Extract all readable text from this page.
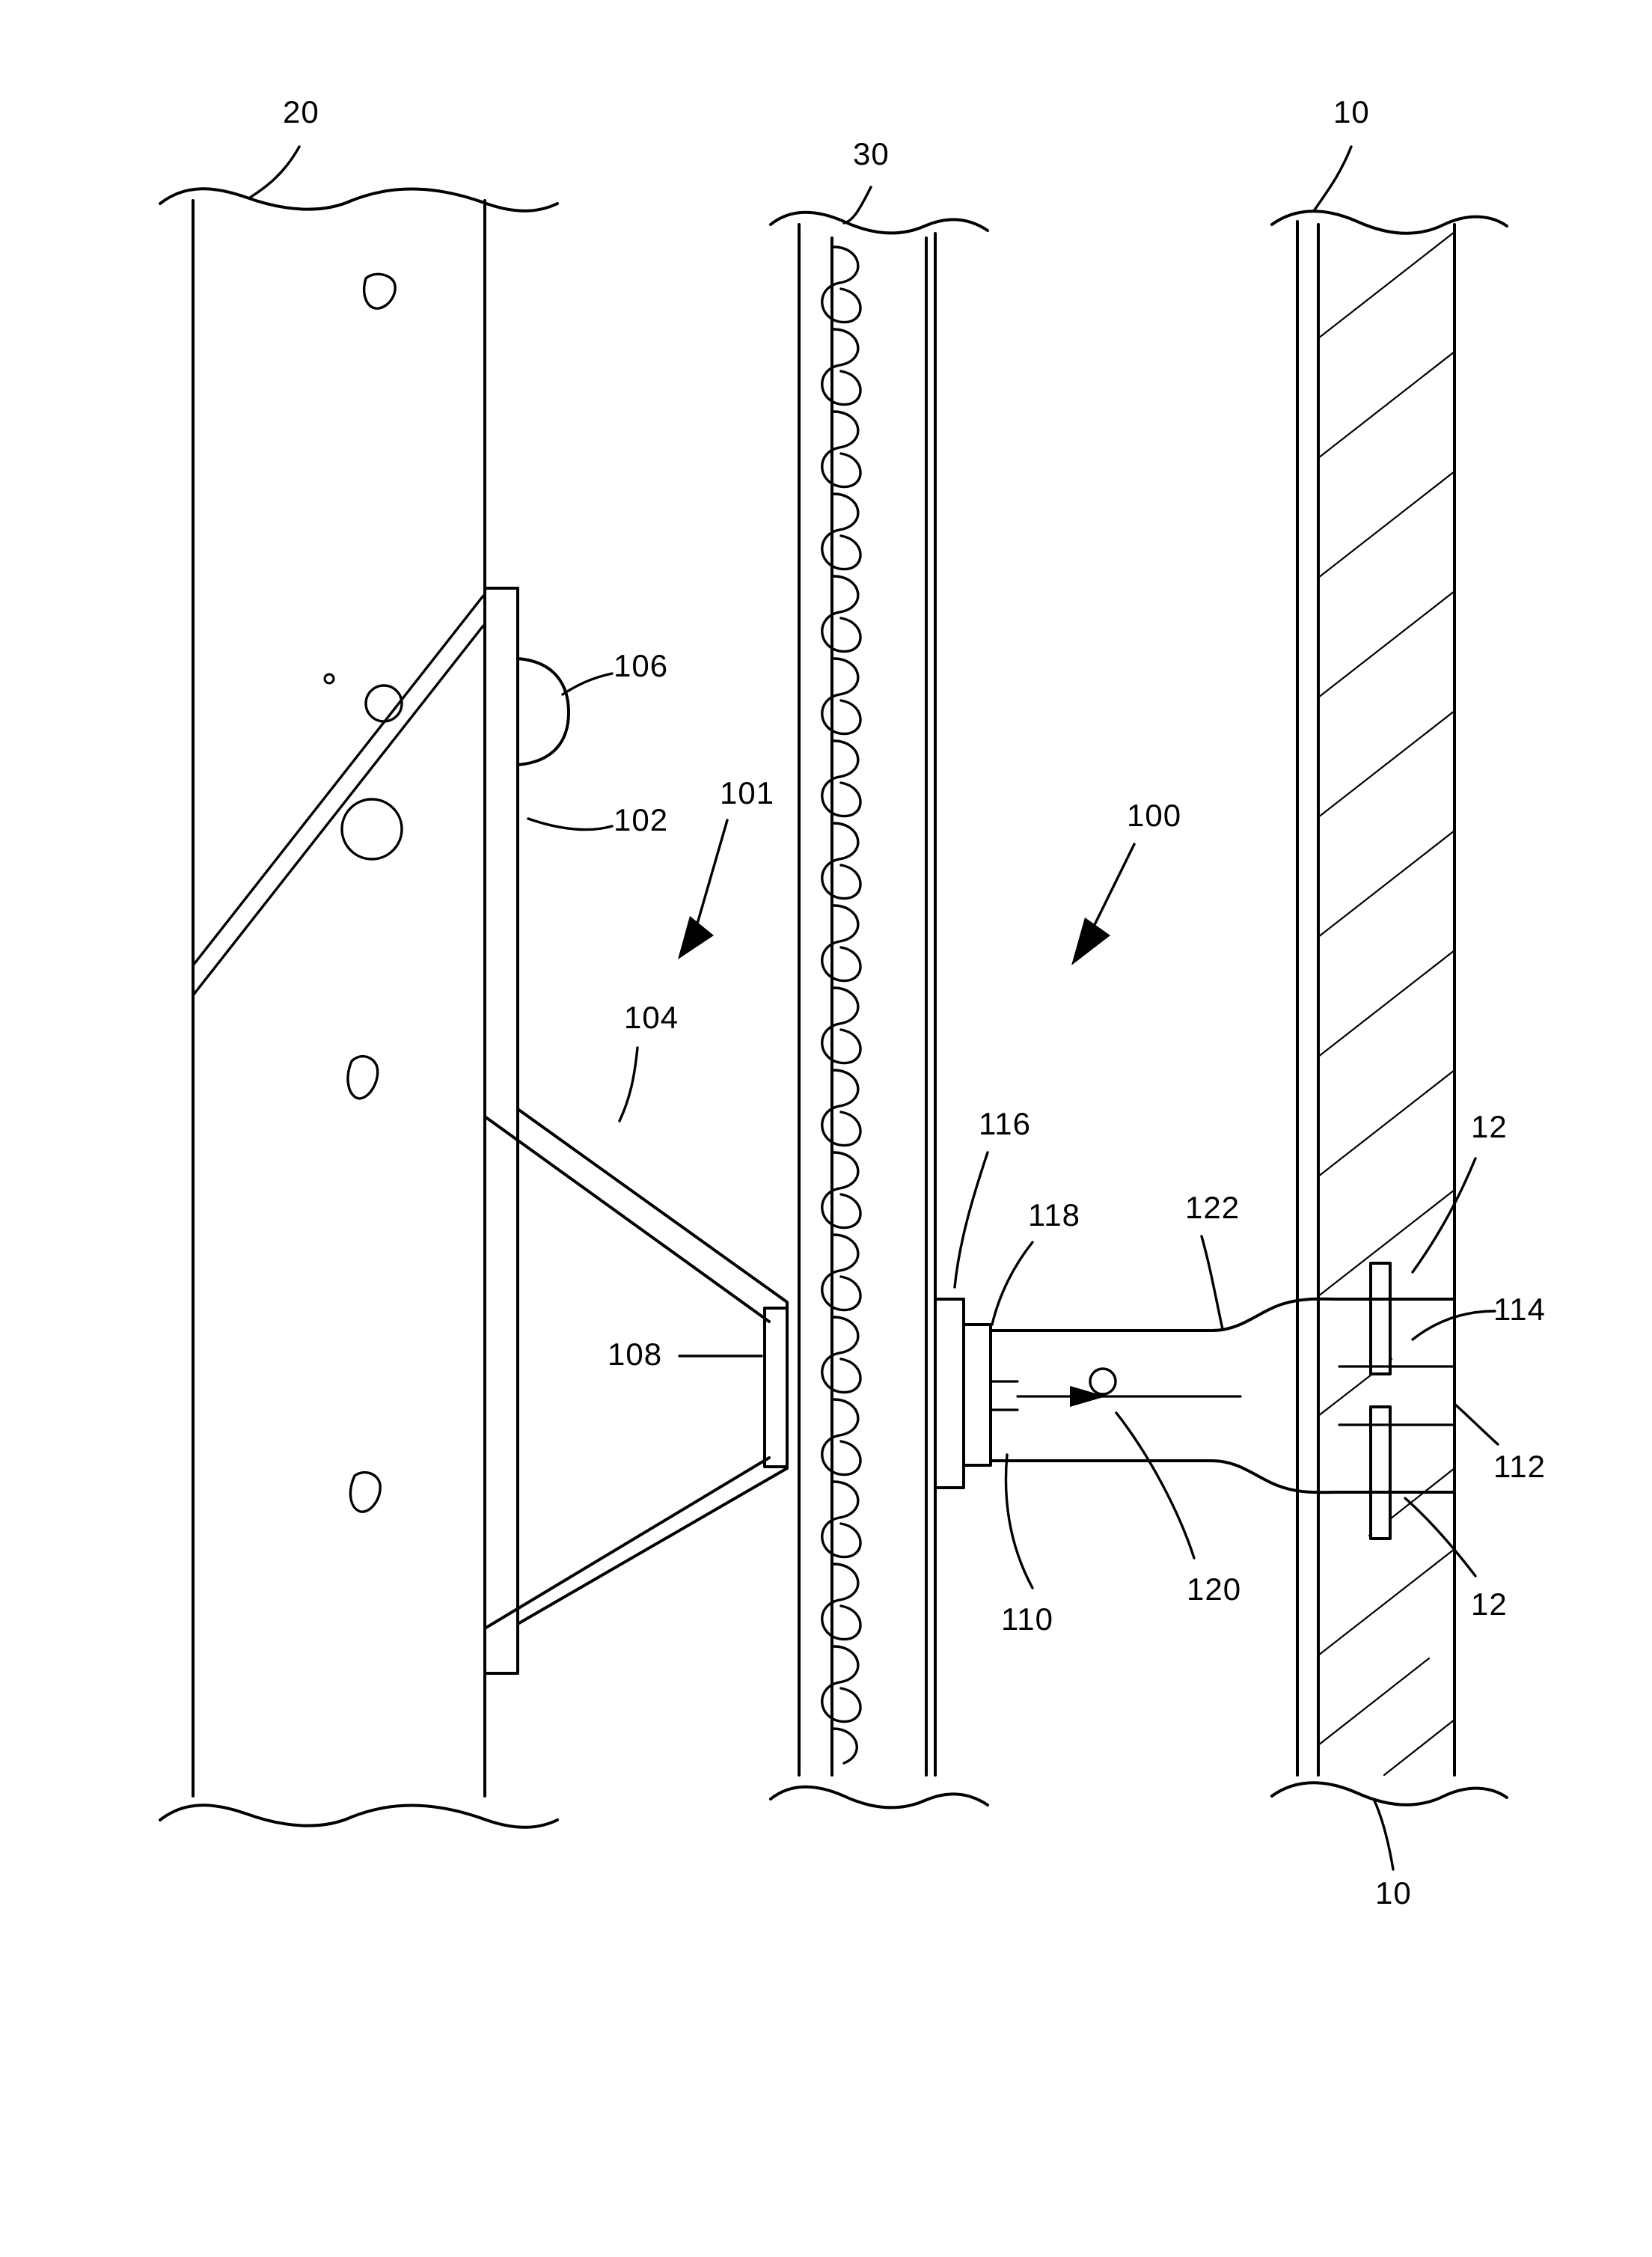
20
30
10
106
102
101
100
104
108
116
118	122
12
114
112
12
120
110
10
